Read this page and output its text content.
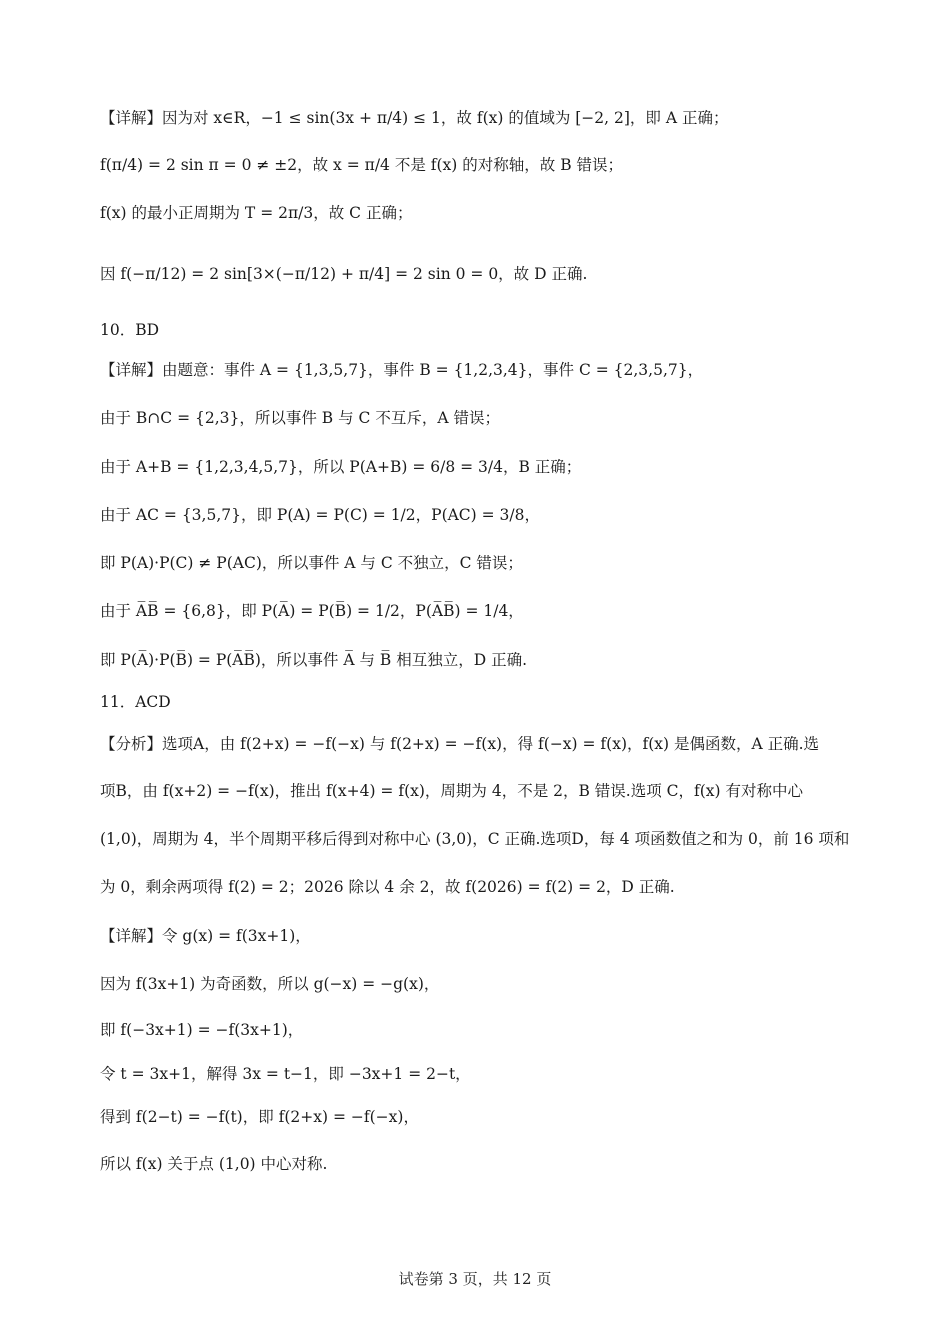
【详解】因为对 x∈R，−1 ≤ sin(3x + π/4) ≤ 1，故 f(x) 的值域为 [−2, 2]，即 A 正确；
f(π/4) = 2 sin π = 0 ≠ ±2，故 x = π/4 不是 f(x) 的对称轴，故 B 错误；
f(x) 的最小正周期为 T = 2π/3，故 C 正确；
因 f(−π/12) = 2 sin[3×(−π/12) + π/4] = 2 sin 0 = 0，故 D 正确.
10．BD
【详解】由题意：事件 A = {1,3,5,7}，事件 B = {1,2,3,4}，事件 C = {2,3,5,7}，
由于 B∩C = {2,3}，所以事件 B 与 C 不互斥，A 错误；
由于 A+B = {1,2,3,4,5,7}，所以 P(A+B) = 6/8 = 3/4，B 正确；
由于 AC = {3,5,7}，即 P(A) = P(C) = 1/2，P(AC) = 3/8，
即 P(A)·P(C) ≠ P(AC)，所以事件 A 与 C 不独立，C 错误；
由于 A̅B̅ = {6,8}，即 P(A̅) = P(B̅) = 1/2，P(A̅B̅) = 1/4，
即 P(A̅)·P(B̅) = P(A̅B̅)，所以事件 A̅ 与 B̅ 相互独立，D 正确.
11．ACD
【分析】选项A，由 f(2+x) = −f(−x) 与 f(2+x) = −f(x)，得 f(−x) = f(x)，f(x) 是偶函数，A 正确.选
项B，由 f(x+2) = −f(x)，推出 f(x+4) = f(x)，周期为 4，不是 2，B 错误.选项 C，f(x) 有对称中心
(1,0)，周期为 4，半个周期平移后得到对称中心 (3,0)，C 正确.选项D，每 4 项函数值之和为 0，前 16 项和
为 0，剩余两项得 f(2) = 2；2026 除以 4 余 2，故 f(2026) = f(2) = 2，D 正确.
【详解】令 g(x) = f(3x+1)，
因为 f(3x+1) 为奇函数，所以 g(−x) = −g(x)，
即 f(−3x+1) = −f(3x+1)，
令 t = 3x+1，解得 3x = t−1，即 −3x+1 = 2−t，
得到 f(2−t) = −f(t)，即 f(2+x) = −f(−x)，
所以 f(x) 关于点 (1,0) 中心对称.
试卷第 3 页，共 12 页
